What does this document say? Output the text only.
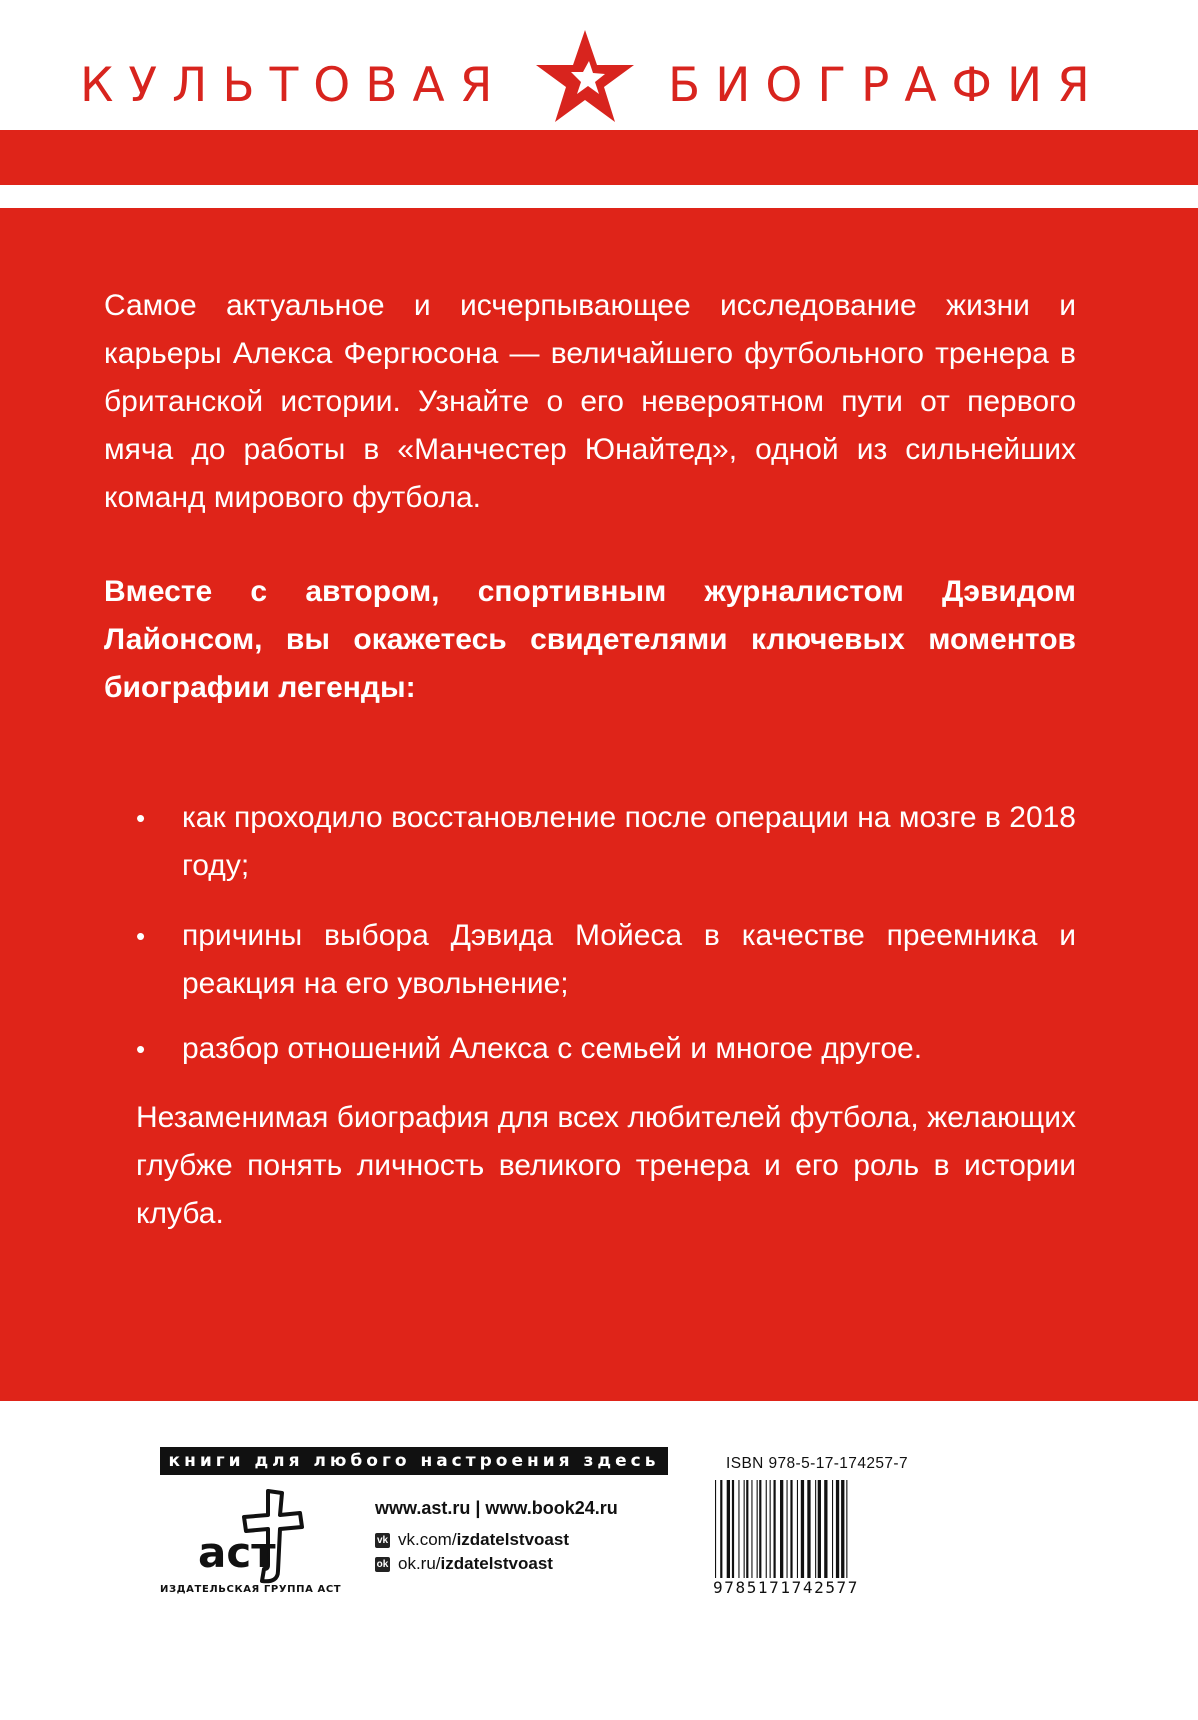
КУЛЬТОВАЯ	БИОГРАФИЯ

Самое актуальное и исчерпывающее исследование жизни и карьеры Алекса Фергюсона — величайшего футбольного тренера в британской истории. Узнайте о его невероятном пути от первого мяча до работы в «Манчестер Юнайтед», одной из сильнейших команд мирового футбола.

Вместе с автором, спортивным журналистом Дэвидом Лайонсом, вы окажетесь свидетелями ключевых моментов биографии легенды:

• как проходило восстановление после операции на мозге в 2018 году;
• причины выбора Дэвида Мойеса в качестве преемника и реакция на его увольнение;
• разбор отношений Алекса с семьей и многое другое.

Незаменимая биография для всех любителей футбола, желающих глубже понять личность великого тренера и его роль в истории клуба.

книги для любого настроения здесь
аст
ИЗДАТЕЛЬСКАЯ ГРУППА АСТ
www.ast.ru | www.book24.ru
vk vk.com/ izdatelstvoast
ok ok.ru/ izdatelstvoast
ISBN 978-5-17-174257-7
9785171742577
